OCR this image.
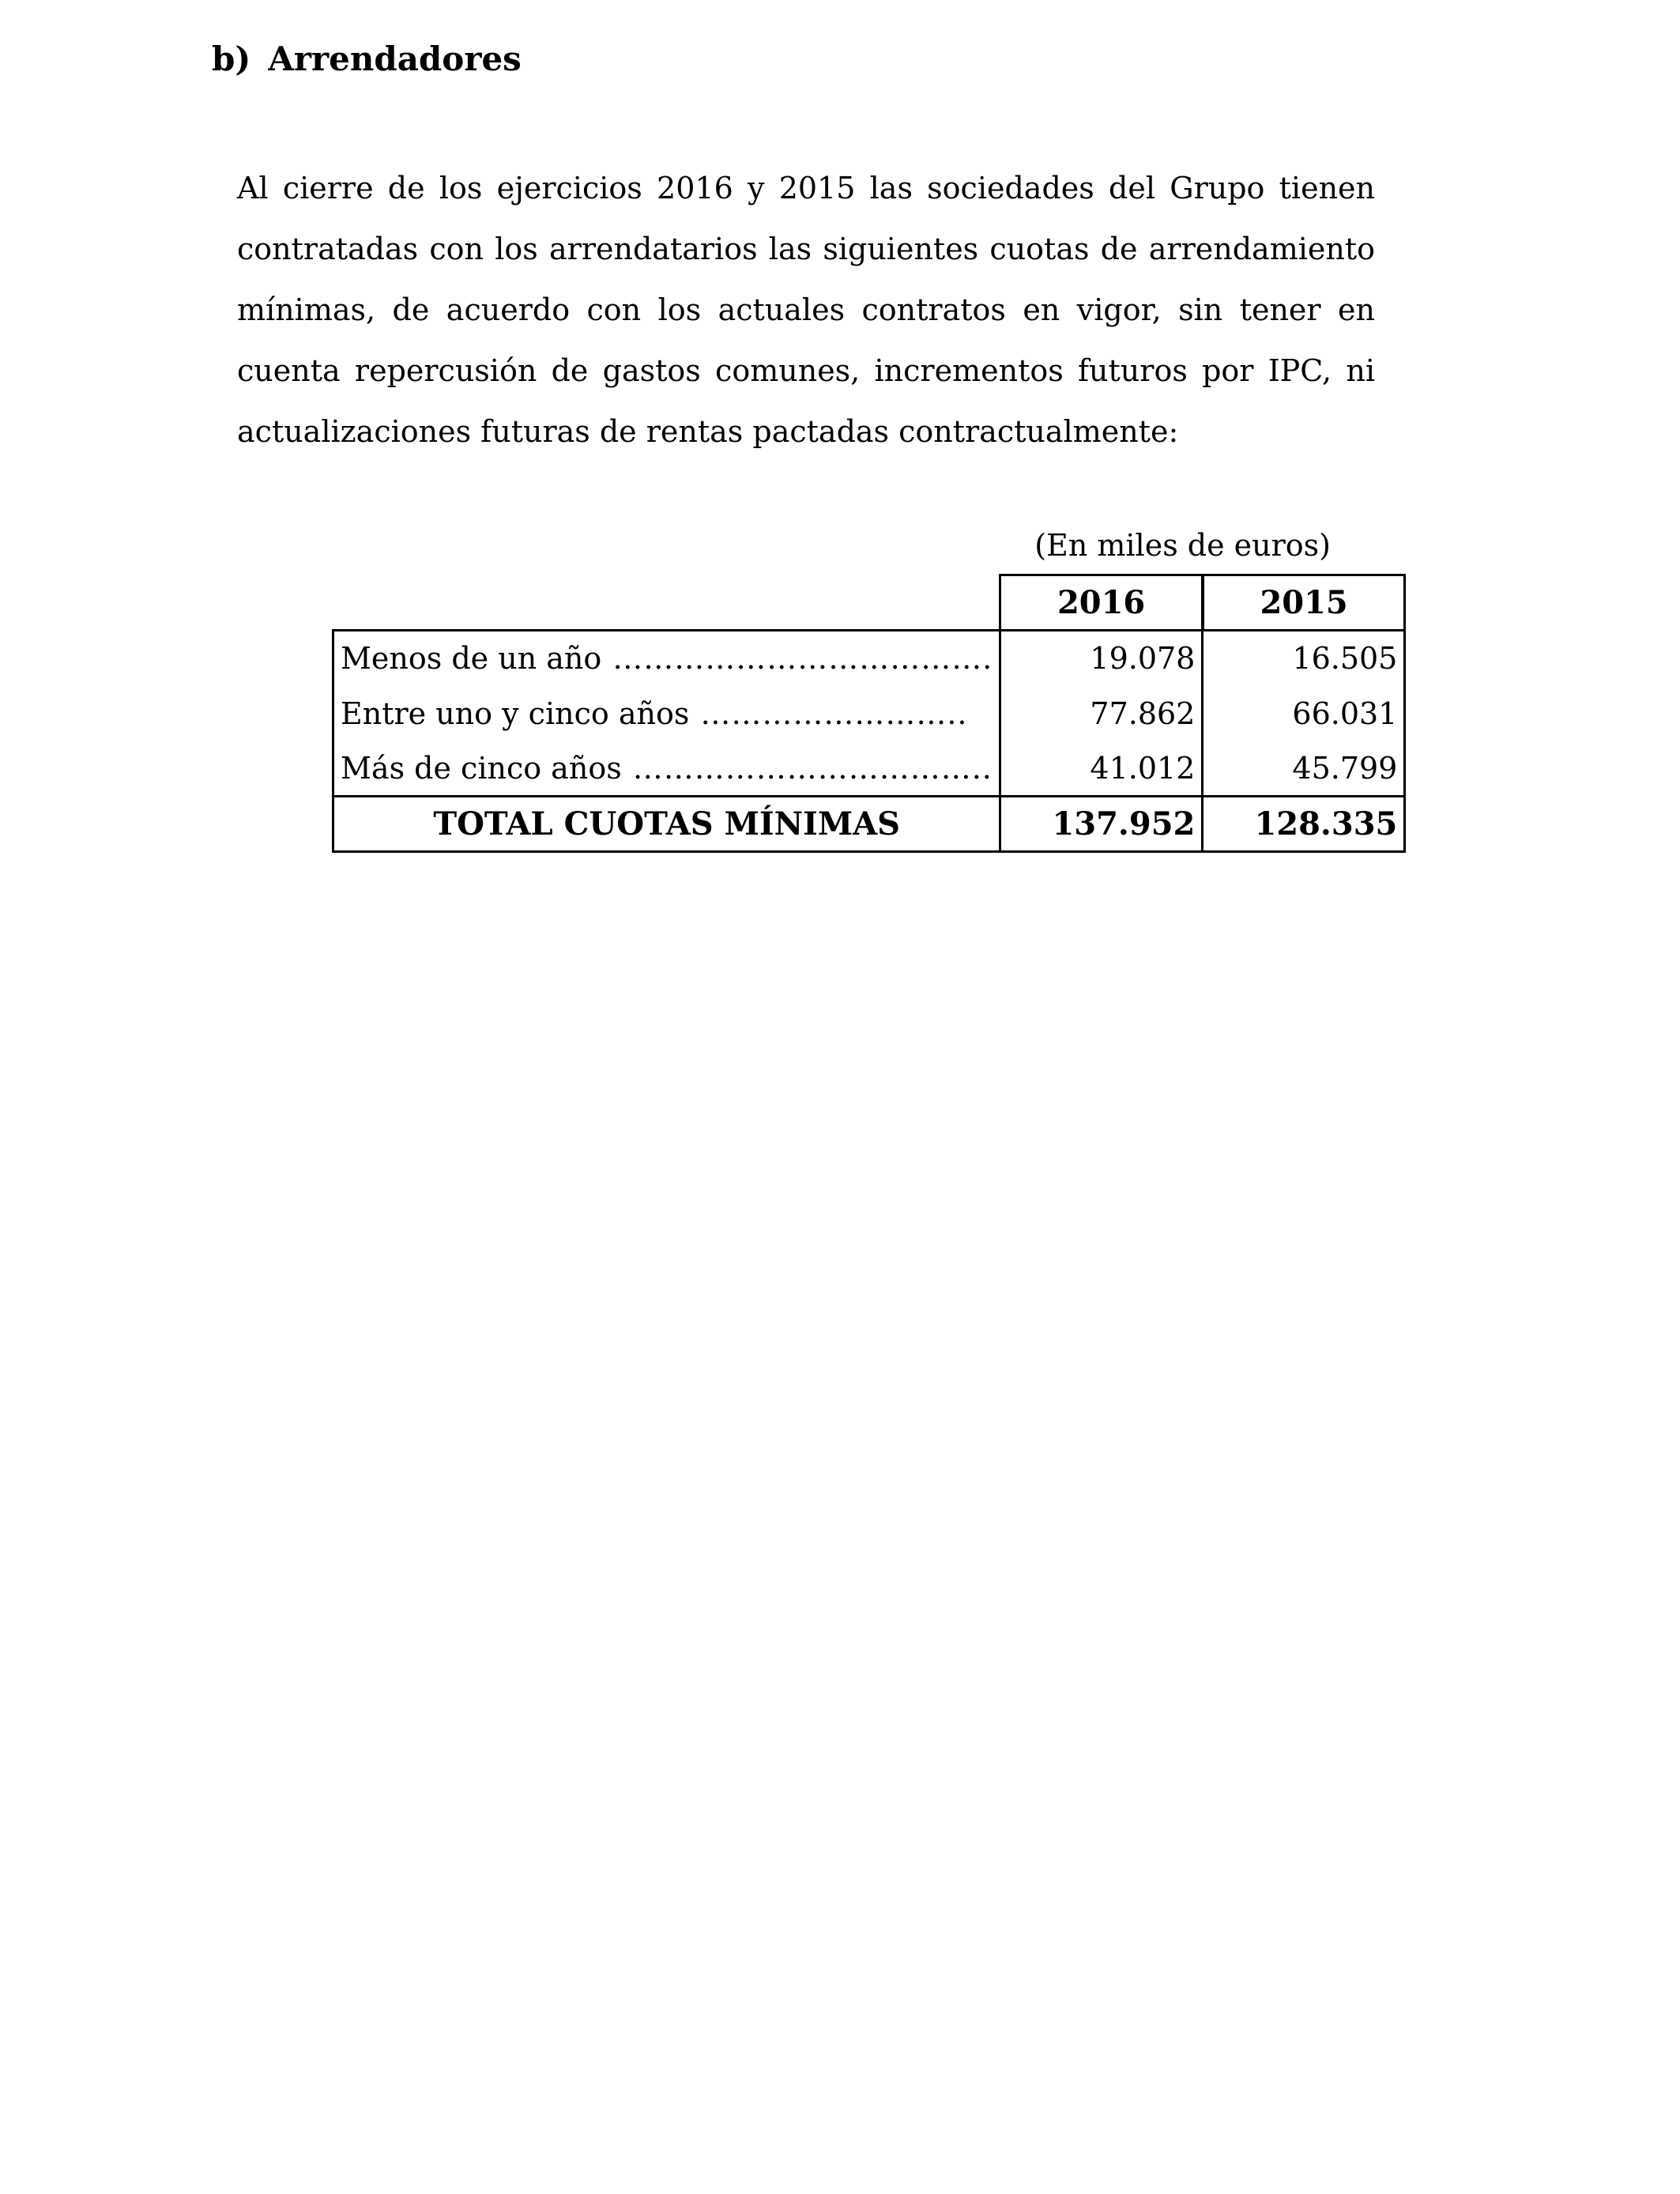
b) Arrendadores

Al cierre de los ejercicios 2016 y 2015 las sociedades del Grupo tienen contratadas con los arrendatarios las siguientes cuotas de arrendamiento mínimas, de acuerdo con los actuales contratos en vigor, sin tener en cuenta repercusión de gastos comunes, incrementos futuros por IPC, ni actualizaciones futuras de rentas pactadas contractualmente:

(En miles de euros)
	2016	2015
Menos de un año ……………………………….	19.078	16.505
Entre uno y cinco años ……………………..	77.862	66.031
Más de cinco años ……………………………..	41.012	45.799
TOTAL CUOTAS MÍNIMAS	137.952	128.335
